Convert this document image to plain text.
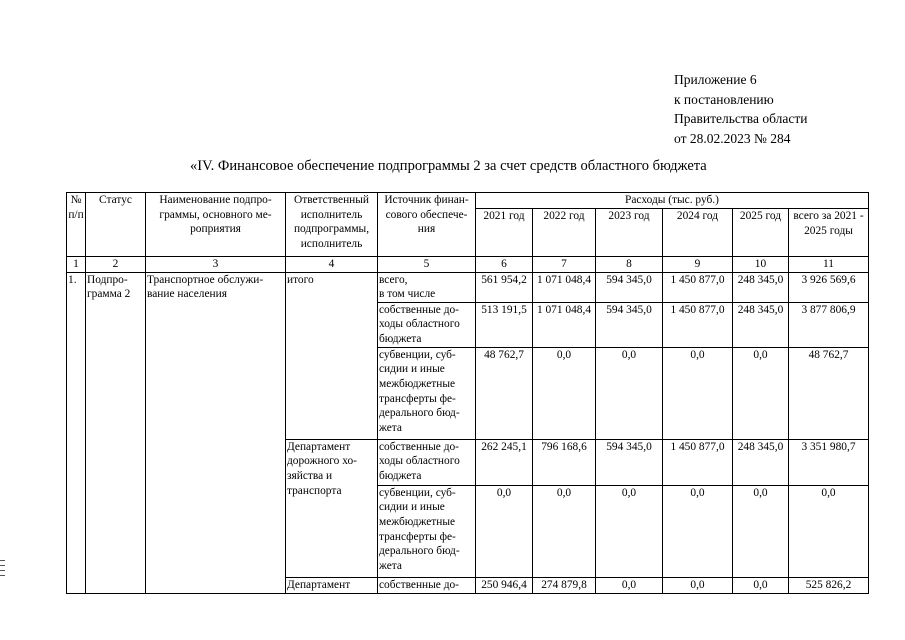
Приложение 6
к постановлению
Правительства области
от 28.02.2023 № 284
«IV. Финансовое обеспечение подпрограммы 2 за счет средств областного бюджета
№ п/п	Статус	Наименование подпро-граммы, основного ме-роприятия	Ответственный исполнитель подпрограммы, исполнитель	Источник финан-сового обеспече-ния	Расходы (тыс. руб.)					
					2021 год	2022 год	2023 год	2024 год	2025 год	всего за 2021 - 2025 годы
1	2	3	4	5	6	7	8	9	10	11
1.	Подпро-грамма 2	Транспортное обслужи-вание населения	итого	всего,
в том числе	561 954,2	1 071 048,4	594 345,0	1 450 877,0	248 345,0	3 926 569,6
				собственные до-ходы областного бюджета	513 191,5	1 071 048,4	594 345,0	1 450 877,0	248 345,0	3 877 806,9
				субвенции, суб-сидии и иные межбюджетные трансферты фе-дерального бюд-жета	48 762,7	0,0	0,0	0,0	0,0	48 762,7
			Департамент дорожного хо-зяйства и транспорта	собственные до-ходы областного бюджета	262 245,1	796 168,6	594 345,0	1 450 877,0	248 345,0	3 351 980,7
				субвенции, суб-сидии и иные межбюджетные трансферты фе-дерального бюд-жета	0,0	0,0	0,0	0,0	0,0	0,0
			Департамент	собственные до-	250 946,4	274 879,8	0,0	0,0	0,0	525 826,2
